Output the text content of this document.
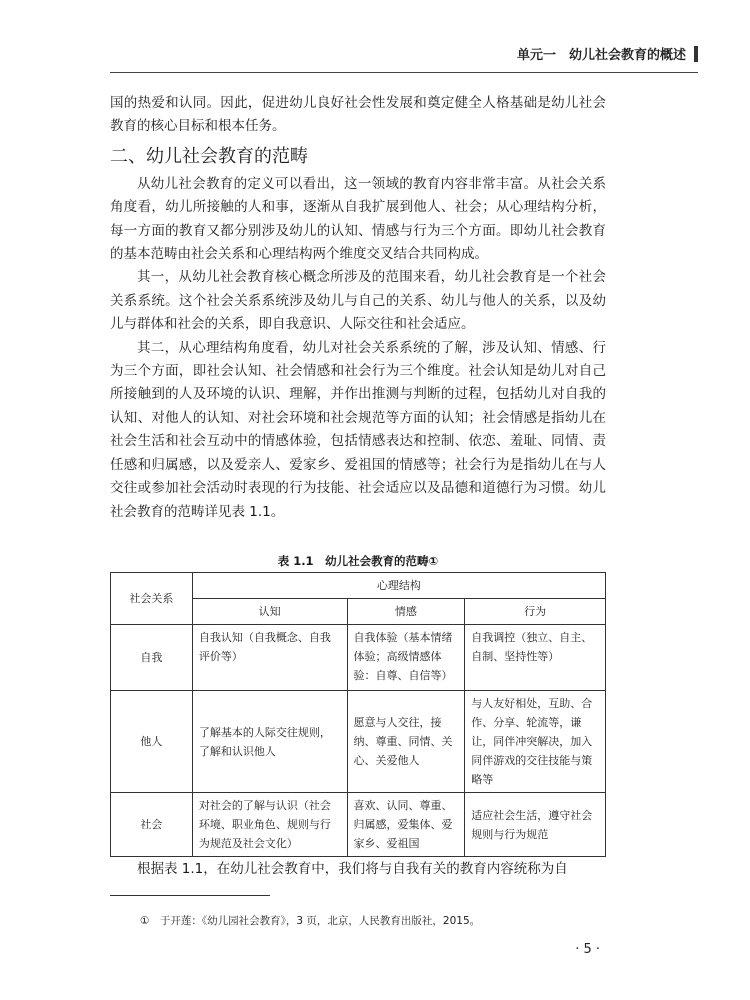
单元一　幼儿社会教育的概述

国的热爱和认同。因此，促进幼儿良好社会性发展和奠定健全人格基础是幼儿社会教育的核心目标和根本任务。

二、幼儿社会教育的范畴

从幼儿社会教育的定义可以看出，这一领域的教育内容非常丰富。从社会关系角度看，幼儿所接触的人和事，逐渐从自我扩展到他人、社会；从心理结构分析，每一方面的教育又都分别涉及幼儿的认知、情感与行为三个方面。即幼儿社会教育的基本范畴由社会关系和心理结构两个维度交叉结合共同构成。

其一，从幼儿社会教育核心概念所涉及的范围来看，幼儿社会教育是一个社会关系系统。这个社会关系系统涉及幼儿与自己的关系、幼儿与他人的关系，以及幼儿与群体和社会的关系，即自我意识、人际交往和社会适应。

其二，从心理结构角度看，幼儿对社会关系系统的了解，涉及认知、情感、行为三个方面，即社会认知、社会情感和社会行为三个维度。社会认知是幼儿对自己所接触到的人及环境的认识、理解，并作出推测与判断的过程，包括幼儿对自我的认知、对他人的认知、对社会环境和社会规范等方面的认知；社会情感是指幼儿在社会生活和社会互动中的情感体验，包括情感表达和控制、依恋、羞耻、同情、责任感和归属感，以及爱亲人、爱家乡、爱祖国的情感等；社会行为是指幼儿在与人交往或参加社会活动时表现的行为技能、社会适应以及品德和道德行为习惯。幼儿社会教育的范畴详见表 1.1。

表 1.1　幼儿社会教育的范畴①
社会关系	心理结构		
	认知	情感	行为
自我	自我认知（自我概念、自我评价等）	自我体验（基本情绪体验；高级情感体验：自尊、自信等）	自我调控（独立、自主、自制、坚持性等）
他人	了解基本的人际交往规则，了解和认识他人	愿意与人交往，接纳、尊重、同情、关心、关爱他人	与人友好相处，互助、合作、分享、轮流等，谦让，同伴冲突解决，加入同伴游戏的交往技能与策略等
社会	对社会的了解与认识（社会环境、职业角色、规则与行为规范及社会文化）	喜欢、认同、尊重、归属感，爱集体、爱家乡、爱祖国	适应社会生活，遵守社会规则与行为规范
根据表 1.1，在幼儿社会教育中，我们将与自我有关的教育内容统称为自
①　于开莲：《幼儿园社会教育》，3 页，北京，人民教育出版社，2015。
· 5 ·
